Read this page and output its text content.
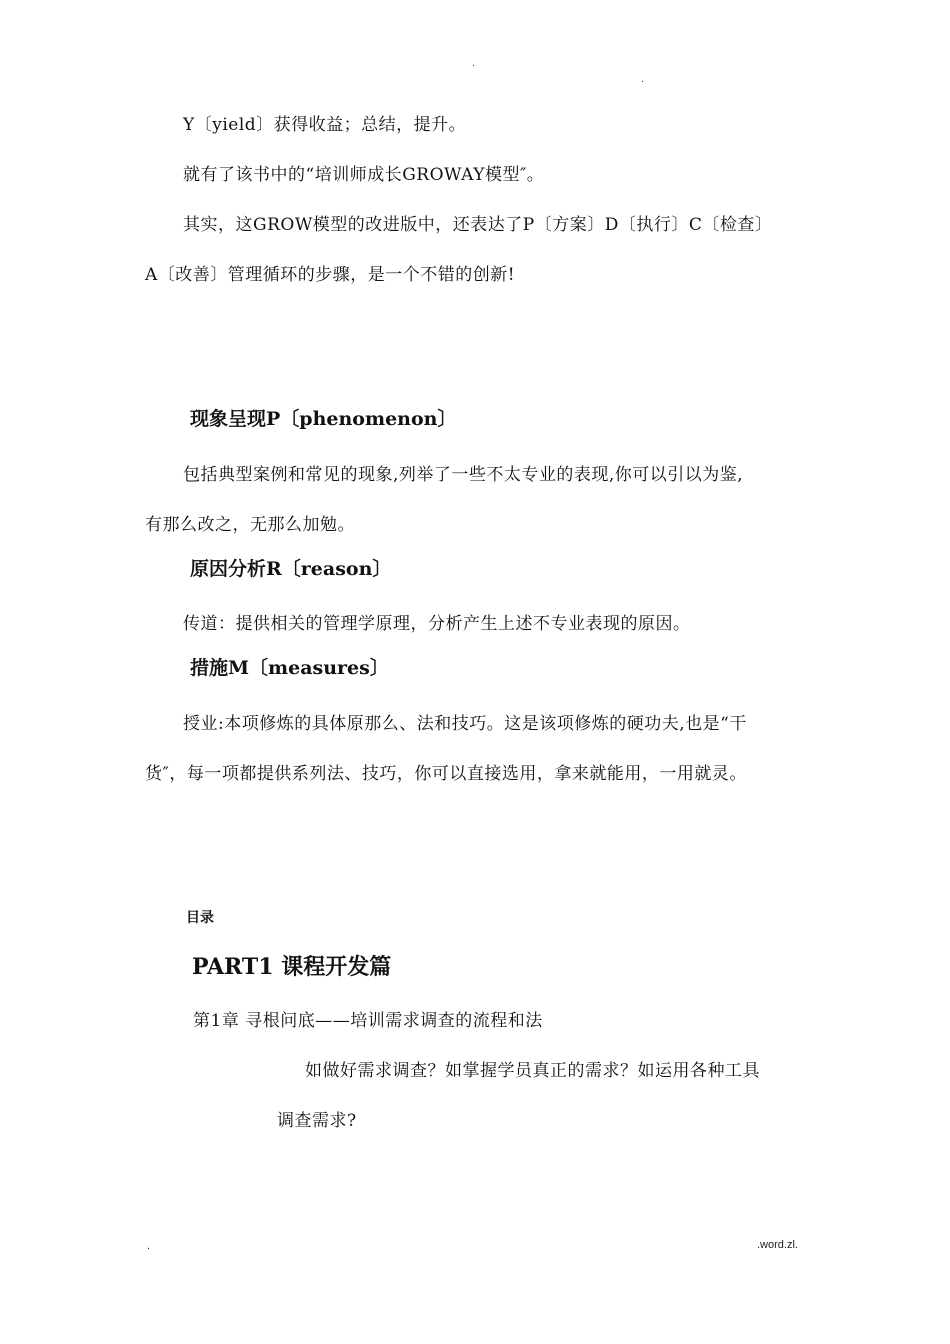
.
.
Y〔yield〕获得收益；总结，提升。
就有了该书中的“培训师成长GROWAY模型″。
其实，这GROW模型的改进版中，还表达了P〔方案〕D〔执行〕C〔检查〕
A〔改善〕管理循环的步骤，是一个不错的创新!
现象呈现P〔phenomenon〕
包括典型案例和常见的现象,列举了一些不太专业的表现,你可以引以为鉴,
有那么改之，无那么加勉。
原因分析R〔reason〕
传道：提供相关的管理学原理，分析产生上述不专业表现的原因。
措施M〔measures〕
授业:本项修炼的具体原那么、法和技巧。这是该项修炼的硬功夫,也是“干
货″，每一项都提供系列法、技巧，你可以直接选用，拿来就能用，一用就灵。
目录
PART1 课程开发篇
第1章 寻根问底——培训需求调查的流程和法
如做好需求调查？如掌握学员真正的需求？如运用各种工具
调查需求?
.	.word.zl.
